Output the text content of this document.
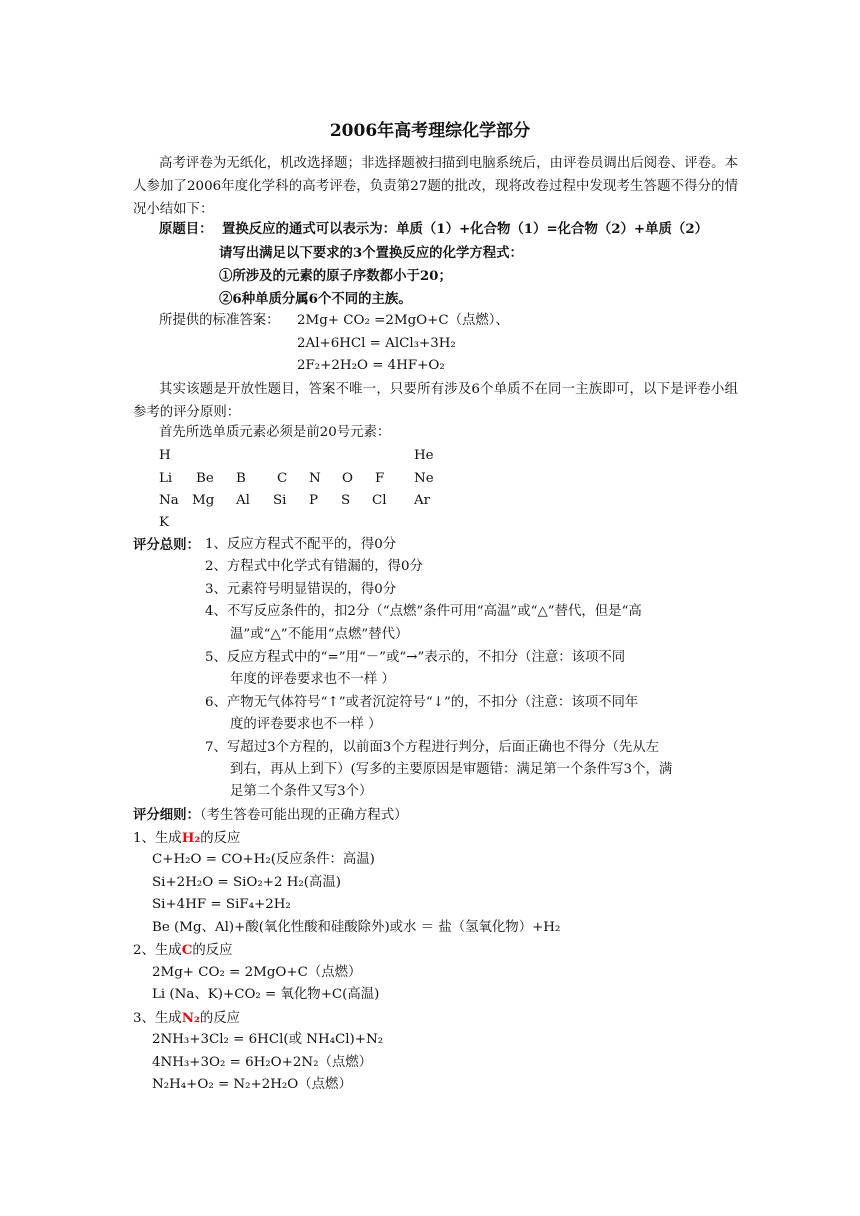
2006年高考理综化学部分
高考评卷为无纸化，机改选择题；非选择题被扫描到电脑系统后，由评卷员调出后阅卷、评卷。本人参加了2006年度化学科的高考评卷，负责第27题的批改，现将改卷过程中发现考生答题不得分的情况小结如下：
原题目： 置换反应的通式可以表示为：单质（1）+化合物（1）=化合物（2）+单质（2）
请写出满足以下要求的3个置换反应的化学方程式：
①所涉及的元素的原子序数都小于20；
②6种单质分属6个不同的主族。
所提供的标准答案： 2Mg+ CO₂ =2MgO+C（点燃）、
2Al+6HCl = AlCl₃+3H₂
2F₂+2H₂O = 4HF+O₂
其实该题是开放性题目，答案不唯一，只要所有涉及6个单质不在同一主族即可，以下是评卷小组参考的评分原则：
首先所选单质元素必须是前20号元素：
H	He
Li Be B C N O F Ne
Na Mg Al Si P S Cl Ar
K
评分总则： 1、反应方程式不配平的，得0分
2、方程式中化学式有错漏的，得0分
3、元素符号明显错误的，得0分
4、不写反应条件的，扣2分（“点燃”条件可用“高温”或“△”替代，但是“高
温”或“△”不能用“点燃”替代）
5、反应方程式中的“=”用“－”或“→”表示的，不扣分（注意：该项不同
年度的评卷要求也不一样 ）
6、产物无气体符号“↑”或者沉淀符号“↓”的，不扣分（注意：该项不同年
度的评卷要求也不一样 ）
7、写超过3个方程的，以前面3个方程进行判分，后面正确也不得分（先从左
到右，再从上到下）(写多的主要原因是审题错：满足第一个条件写3个，满
足第二个条件又写3个）
评分细则：（考生答卷可能出现的正确方程式）
1、生成H₂的反应
C+H₂O = CO+H₂(反应条件：高温)
Si+2H₂O = SiO₂+2 H₂(高温)
Si+4HF = SiF₄+2H₂
Be (Mg、Al)+酸(氧化性酸和硅酸除外)或水 ＝ 盐（氢氧化物）+H₂
2、生成C的反应
2Mg+ CO₂ = 2MgO+C（点燃）
Li (Na、K)+CO₂ = 氧化物+C(高温)
3、生成N₂的反应
2NH₃+3Cl₂ = 6HCl(或 NH₄Cl)+N₂
4NH₃+3O₂ = 6H₂O+2N₂（点燃）
N₂H₄+O₂ = N₂+2H₂O（点燃）
